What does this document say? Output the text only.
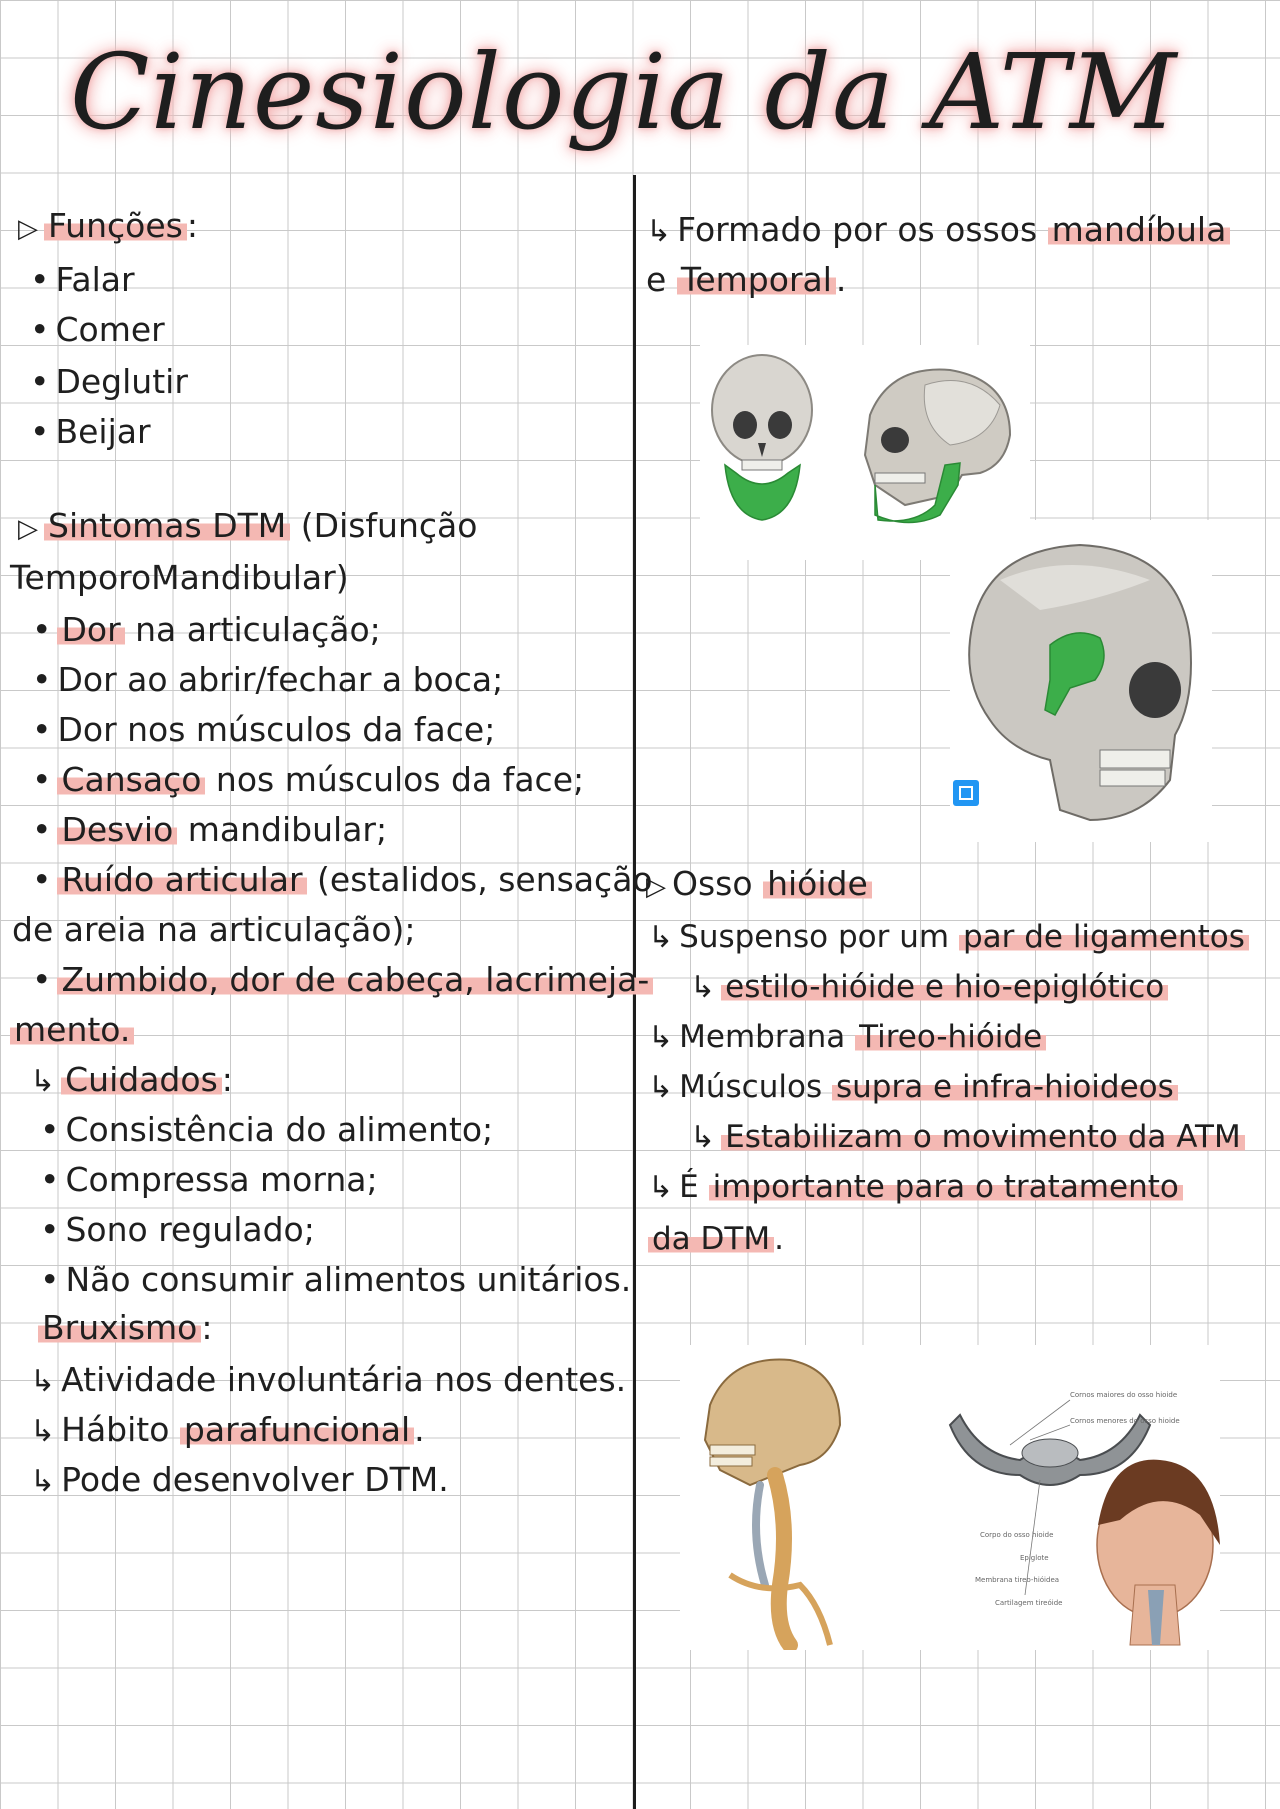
Cinesiologia da ATM
▷ Funções :
• Falar
• Comer
• Deglutir
• Beijar
▷ Sintomas DTM (Disfunção
TemporoMandibular)
• Dor na articulação;
• Dor ao abrir/fechar a boca;
• Dor nos músculos da face;
• Cansaço nos músculos da face;
• Desvio mandibular;
• Ruído articular (estalidos, sensação
de areia na articulação);
• Zumbido, dor de cabeça, lacrimeja-
mento.
↳ Cuidados :
• Consistência do alimento;
• Compressa morna;
• Sono regulado;
• Não consumir alimentos unitários.
Bruxismo :
↳ Atividade involuntária nos dentes.
↳ Hábito parafuncional .
↳ Pode desenvolver DTM.
↳ Formado por os ossos mandíbula
e Temporal .
▷ Osso hióide
↳ Suspenso por um par de ligamentos
↳ estilo-hióide e hio-epiglótico
↳ Membrana Tireo-hióide
↳ Músculos supra e infra-hioideos
↳ Estabilizam o movimento da ATM
↳ É importante para o tratamento
da DTM .
Cornos maiores do osso hioide
Cornos menores do osso hioide
Corpo do osso hioide
Epiglote
Membrana tireo-hióidea
Cartilagem tireóide
